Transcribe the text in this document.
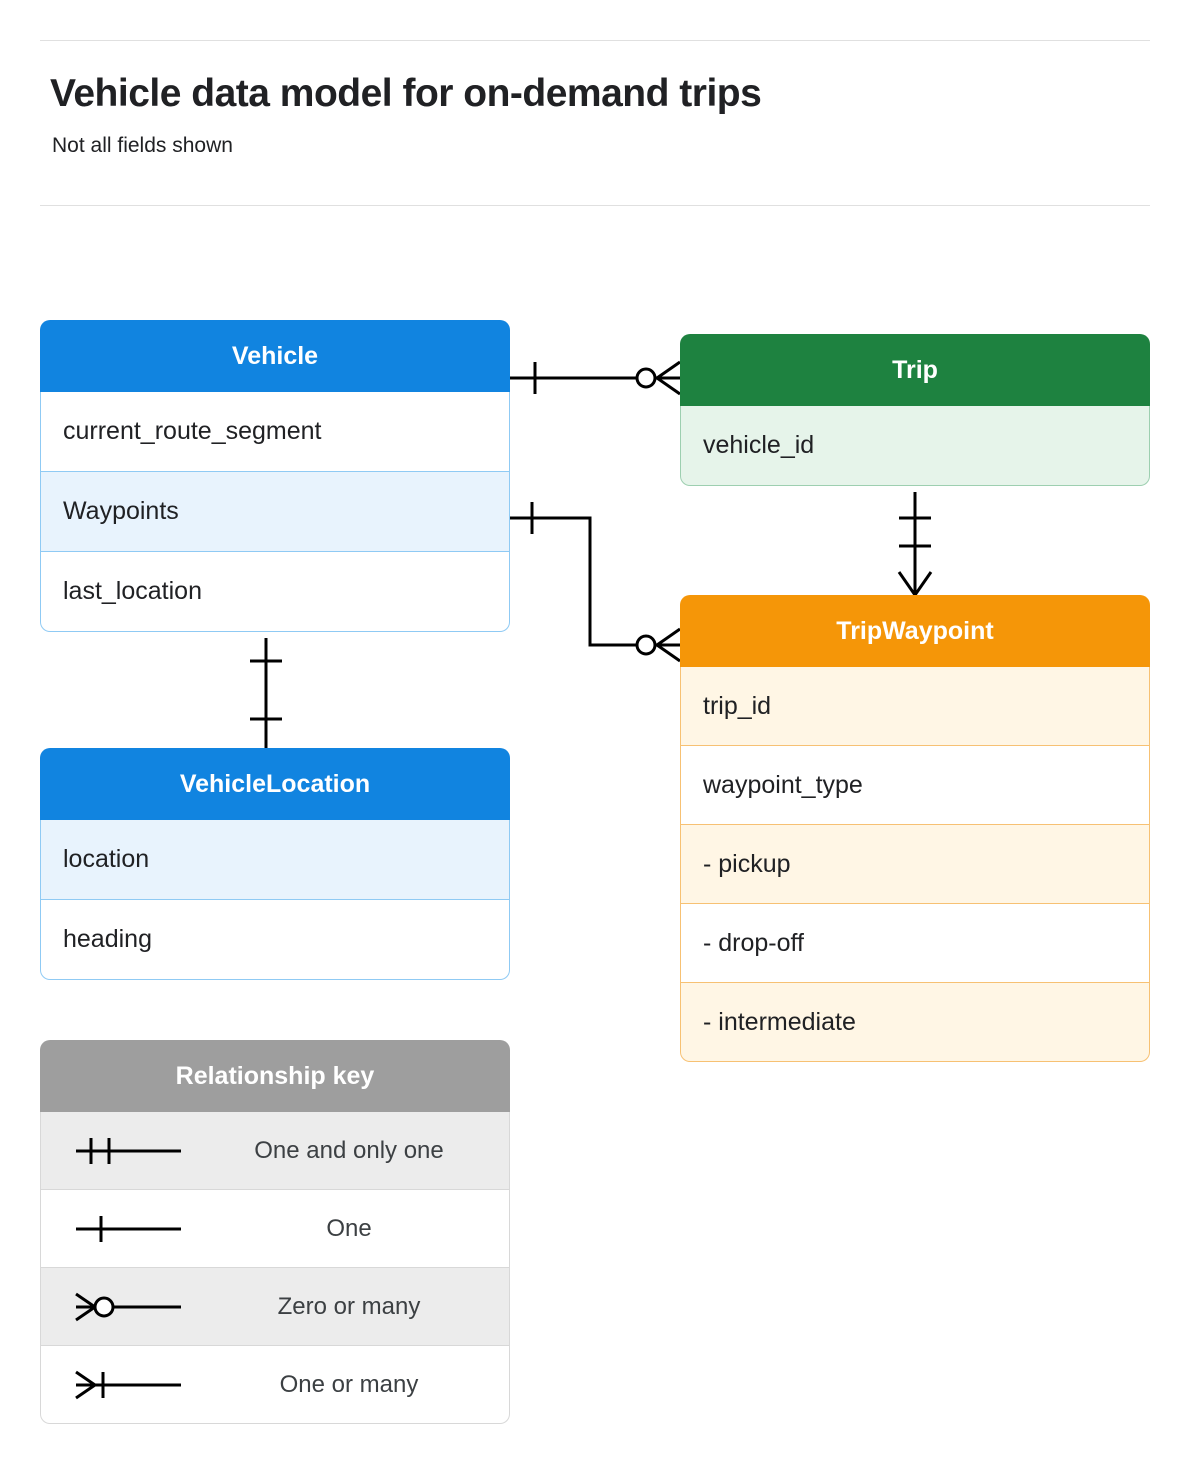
Vehicle data model for on-demand trips
Not all fields shown
Vehicle
current_route_segment
Waypoints
last_location
VehicleLocation
location
heading
Trip
vehicle_id
TripWaypoint
trip_id
waypoint_type
- pickup
- drop-off
- intermediate
Relationship key
One and only one
One
Zero or many
One or many
